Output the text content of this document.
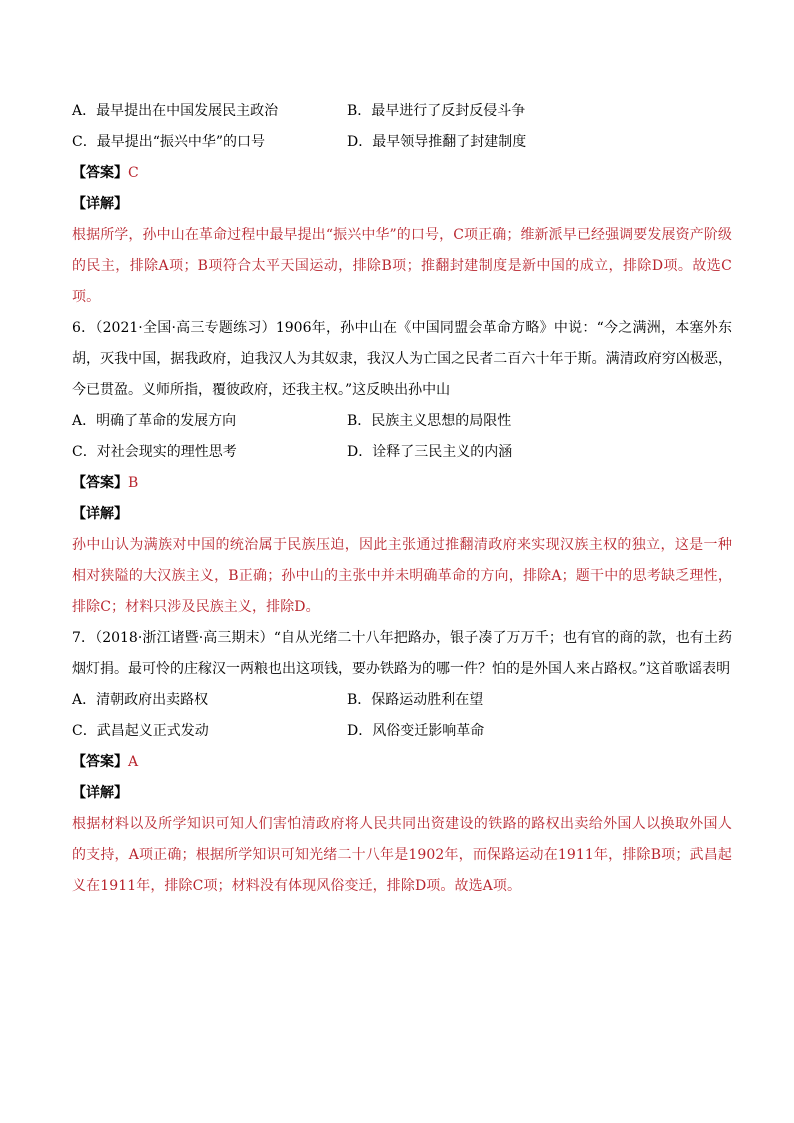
A．最早提出在中国发展民主政治	B．最早进行了反封反侵斗争
C．最早提出“振兴中华”的口号	D．最早领导推翻了封建制度
【答案】C
【详解】
根据所学，孙中山在革命过程中最早提出“振兴中华”的口号，C项正确；维新派早已经强调要发展资产阶级的民主，排除A项；B项符合太平天国运动，排除B项；推翻封建制度是新中国的成立，排除D项。故选C项。
6．（2021·全国·高三专题练习）1906年，孙中山在《中国同盟会革命方略》中说：“今之满洲，本塞外东胡，灭我中国，据我政府，迫我汉人为其奴隶，我汉人为亡国之民者二百六十年于斯。满清政府穷凶极恶，今已贯盈。义师所指，覆彼政府，还我主权。”这反映出孙中山
A．明确了革命的发展方向	B．民族主义思想的局限性
C．对社会现实的理性思考	D．诠释了三民主义的内涵
【答案】B
【详解】
孙中山认为满族对中国的统治属于民族压迫，因此主张通过推翻清政府来实现汉族主权的独立，这是一种相对狭隘的大汉族主义，B正确；孙中山的主张中并未明确革命的方向，排除A；题干中的思考缺乏理性，排除C；材料只涉及民族主义，排除D。
7．（2018·浙江诸暨·高三期末）“自从光绪二十八年把路办，银子凑了万万千；也有官的商的款，也有土药烟灯捐。最可怜的庄稼汉一两粮也出这项钱，要办铁路为的哪一件？怕的是外国人来占路权。”这首歌谣表明
A．清朝政府出卖路权	B．保路运动胜利在望
C．武昌起义正式发动	D．风俗变迁影响革命
【答案】A
【详解】
根据材料以及所学知识可知人们害怕清政府将人民共同出资建设的铁路的路权出卖给外国人以换取外国人的支持，A项正确；根据所学知识可知光绪二十八年是1902年，而保路运动在1911年，排除B项；武昌起义在1911年，排除C项；材料没有体现风俗变迁，排除D项。故选A项。
